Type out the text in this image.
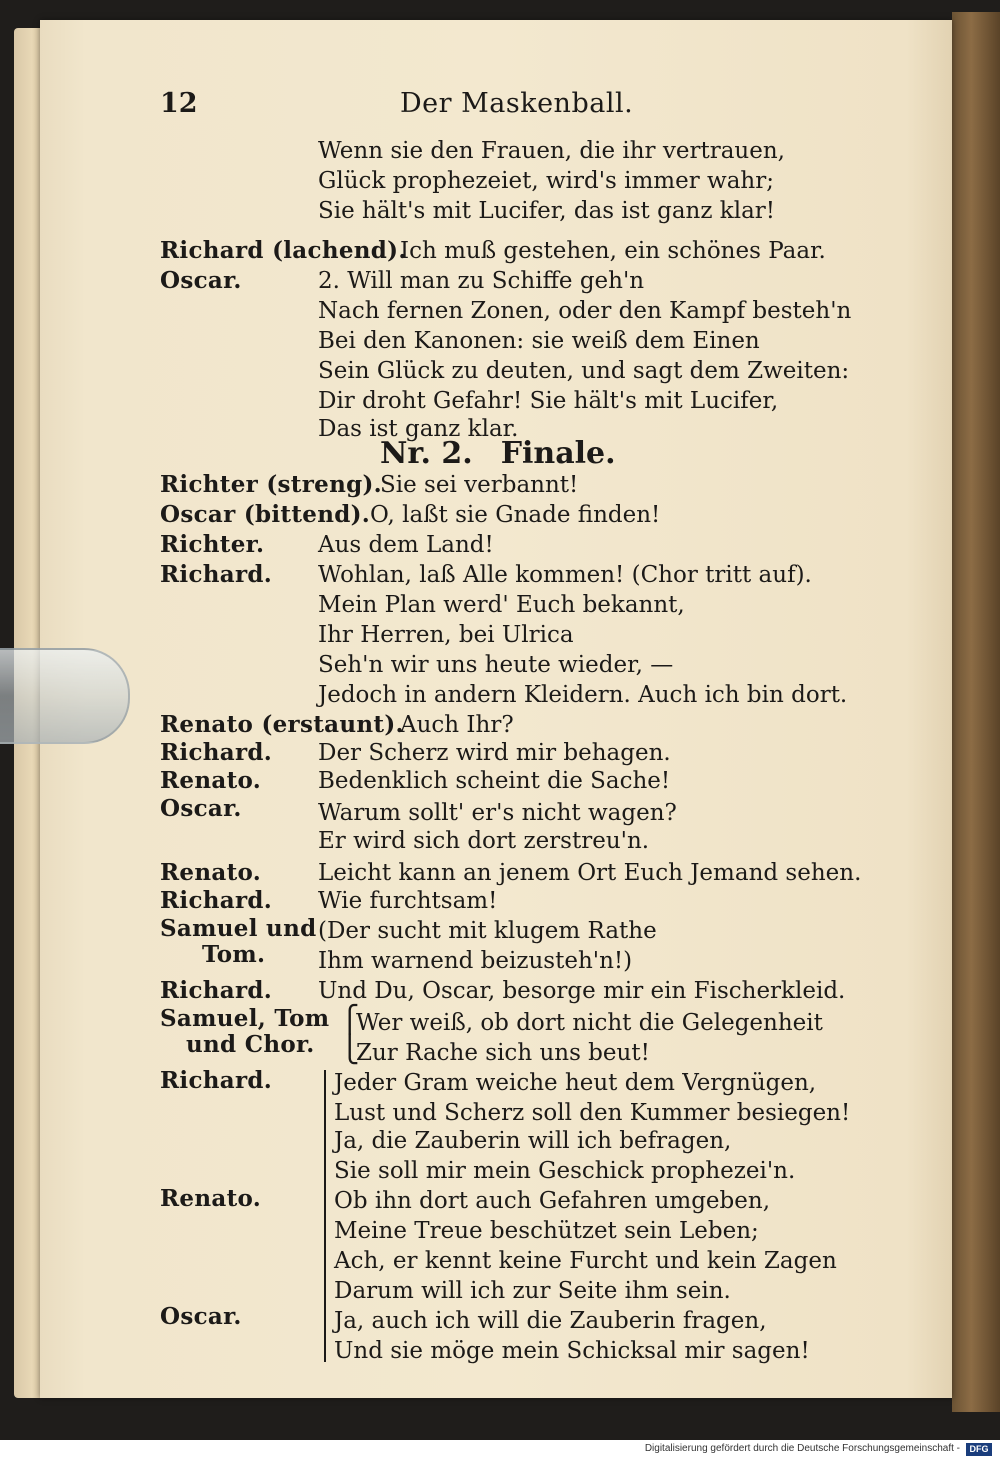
12	Der Maskenball.
Richard (lachend).
Oscar.
Richter (streng).
Oscar (bittend).
Richter.
Richard.
Renato (erstaunt).
Richard.
Renato.
Oscar.
Renato.
Richard.
Samuel und
Tom.
Richard.
Samuel, Tom
und Chor.
Richard.
Renato.
Oscar.
Wenn sie den Frauen, die ihr vertrauen,
Glück prophezeiet, wird's immer wahr;
Sie hält's mit Lucifer, das ist ganz klar!
Ich muß gestehen, ein schönes Paar.
2. Will man zu Schiffe geh'n
Nach fernen Zonen, oder den Kampf besteh'n
Bei den Kanonen: sie weiß dem Einen
Sein Glück zu deuten, und sagt dem Zweiten:
Dir droht Gefahr! Sie hält's mit Lucifer,
Das ist ganz klar.
Nr. 2. Finale.
Sie sei verbannt!
O, laßt sie Gnade finden!
Aus dem Land!
Wohlan, laß Alle kommen! (Chor tritt auf).
Mein Plan werd' Euch bekannt,
Ihr Herren, bei Ulrica
Seh'n wir uns heute wieder, —
Jedoch in andern Kleidern. Auch ich bin dort.
Auch Ihr?
Der Scherz wird mir behagen.
Bedenklich scheint die Sache!
Warum sollt' er's nicht wagen?
Er wird sich dort zerstreu'n.
Leicht kann an jenem Ort Euch Jemand sehen.
Wie furchtsam!
(Der sucht mit klugem Rathe
Ihm warnend beizusteh'n!)
Und Du, Oscar, besorge mir ein Fischerkleid.
⎧
⎩
Wer weiß, ob dort nicht die Gelegenheit
Zur Rache sich uns beut!
Jeder Gram weiche heut dem Vergnügen,
Lust und Scherz soll den Kummer besiegen!
Ja, die Zauberin will ich befragen,
Sie soll mir mein Geschick prophezei'n.
Ob ihn dort auch Gefahren umgeben,
Meine Treue beschützet sein Leben;
Ach, er kennt keine Furcht und kein Zagen
Darum will ich zur Seite ihm sein.
Ja, auch ich will die Zauberin fragen,
Und sie möge mein Schicksal mir sagen!
Digitalisierung gefördert durch die Deutsche Forschungsgemeinschaft -	DFG
